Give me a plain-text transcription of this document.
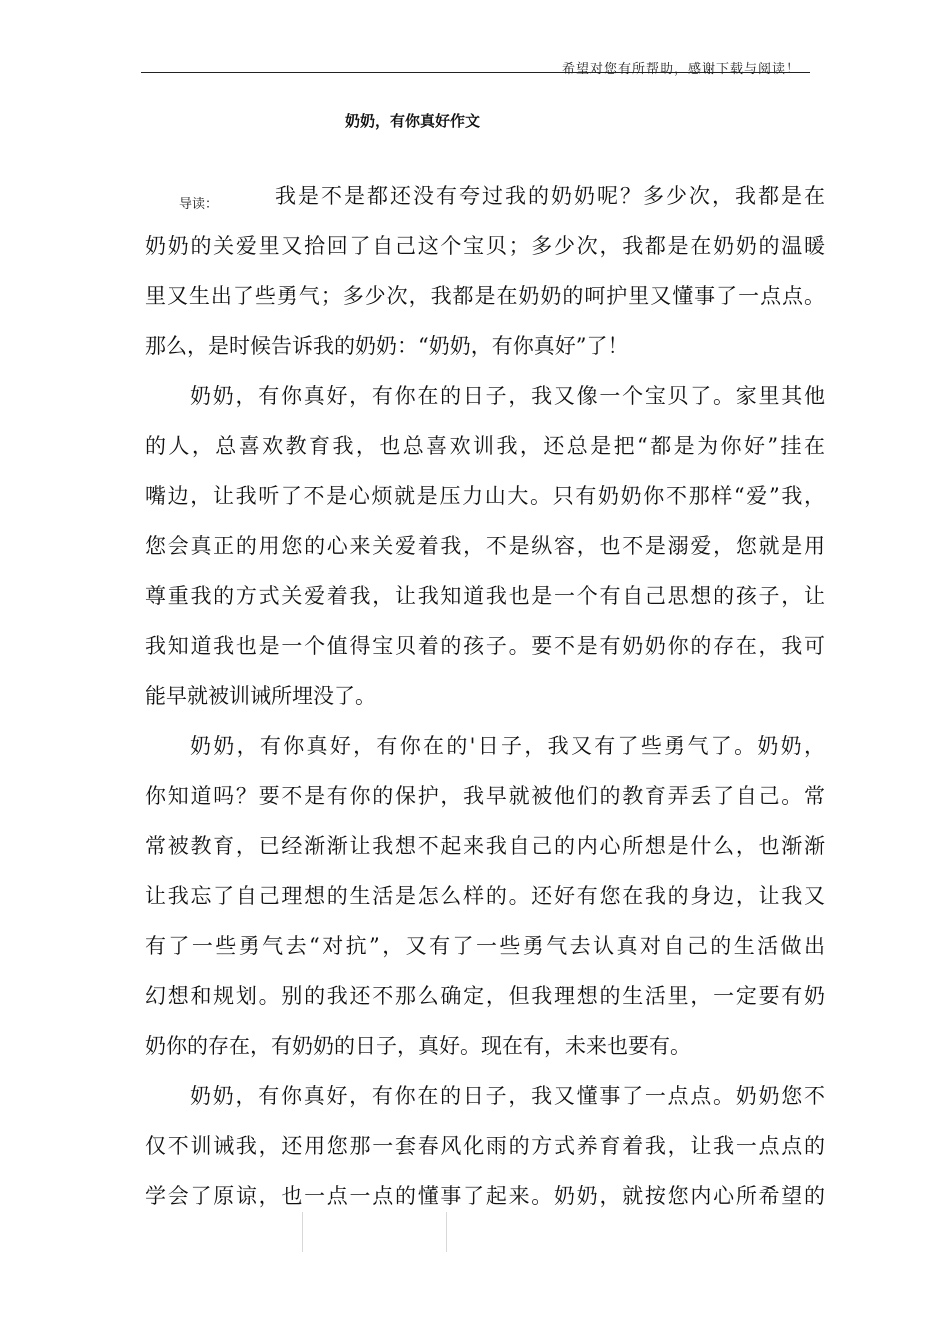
希望对您有所帮助，感谢下载与阅读！
奶奶，有你真好作文
导读：	我是不是都还没有夸过我的奶奶呢？多少次，我都是在
奶奶的关爱里又拾回了自己这个宝贝；多少次，我都是在奶奶的温暖
里又生出了些勇气；多少次，我都是在奶奶的呵护里又懂事了一点点。
那么，是时候告诉我的奶奶：“奶奶，有你真好”了！
奶奶，有你真好，有你在的日子，我又像一个宝贝了。家里其他
的人，总喜欢教育我，也总喜欢训我，还总是把“都是为你好”挂在
嘴边，让我听了不是心烦就是压力山大。只有奶奶你不那样“爱”我，
您会真正的用您的心来关爱着我，不是纵容，也不是溺爱，您就是用
尊重我的方式关爱着我，让我知道我也是一个有自己思想的孩子，让
我知道我也是一个值得宝贝着的孩子。要不是有奶奶你的存在，我可
能早就被训诫所埋没了。
奶奶，有你真好，有你在的'日子，我又有了些勇气了。奶奶，
你知道吗？要不是有你的保护，我早就被他们的教育弄丢了自己。常
常被教育，已经渐渐让我想不起来我自己的内心所想是什么，也渐渐
让我忘了自己理想的生活是怎么样的。还好有您在我的身边，让我又
有了一些勇气去“对抗”，又有了一些勇气去认真对自己的生活做出
幻想和规划。别的我还不那么确定，但我理想的生活里，一定要有奶
奶你的存在，有奶奶的日子，真好。现在有，未来也要有。
奶奶，有你真好，有你在的日子，我又懂事了一点点。奶奶您不
仅不训诫我，还用您那一套春风化雨的方式养育着我，让我一点点的
学会了原谅，也一点一点的懂事了起来。奶奶，就按您内心所希望的
